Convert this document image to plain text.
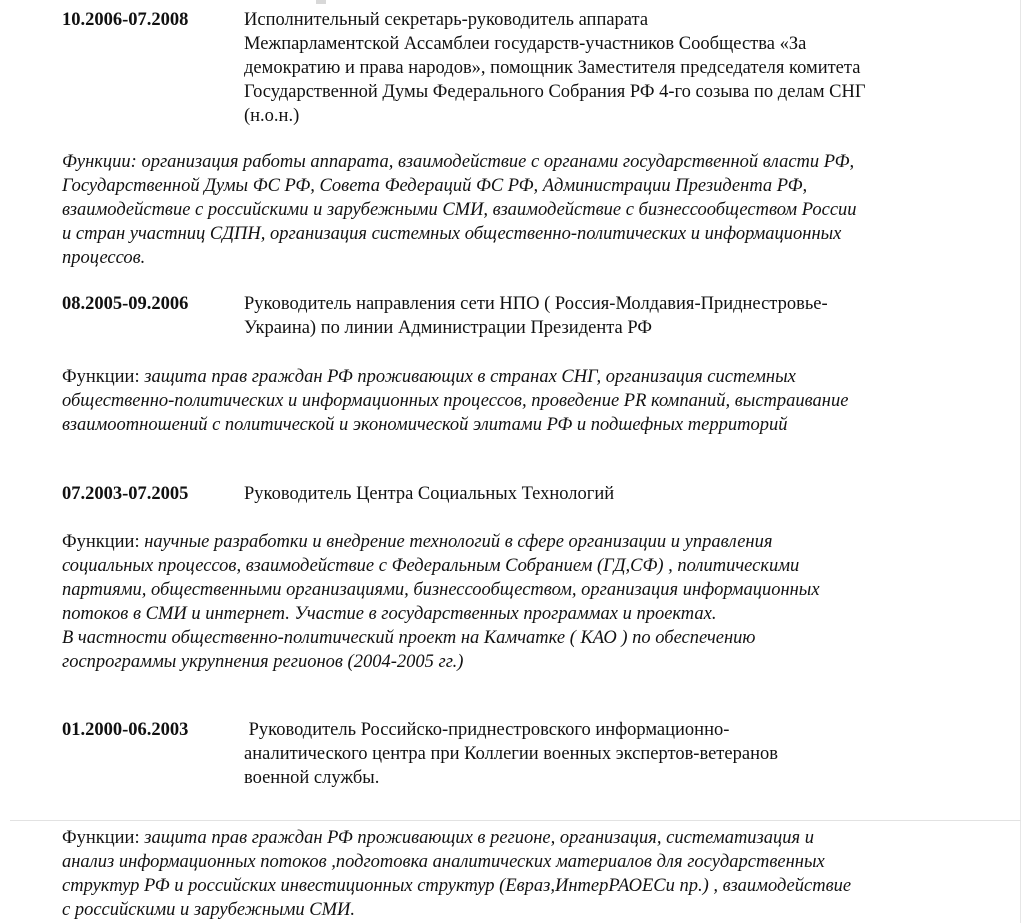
10.2006-07.2008	Исполнительный секретарь-руководитель аппарата
Межпарламентской Ассамблеи государств-участников Сообщества «За
демократию и права народов», помощник Заместителя председателя комитета
Государственной Думы Федерального Собрания РФ 4-го созыва по делам СНГ
(н.о.н.)
Функции: организация работы аппарата, взаимодействие с органами государственной власти РФ,
Государственной Думы ФС РФ, Совета Федераций ФС РФ, Администрации Президента РФ,
взаимодействие с российскими и зарубежными СМИ, взаимодействие с бизнессообществом России
и стран участниц СДПН, организация системных общественно-политических и информационных
процессов.
08.2005-09.2006	Руководитель направления сети НПО ( Россия-Молдавия-Приднестровье-
Украина) по линии Администрации Президента РФ
Функции: защита прав граждан РФ проживающих в странах СНГ, организация системных
общественно-политических и информационных процессов, проведение PR компаний, выстраивание
взаимоотношений с политической и экономической элитами РФ и подшефных территорий
07.2003-07.2005	Руководитель Центра Социальных Технологий
Функции: научные разработки и внедрение технологий в сфере организации и управления
социальных процессов, взаимодействие с Федеральным Собранием (ГД,СФ) , политическими
партиями, общественными организациями, бизнессообществом, организация информационных
потоков в СМИ и интернет. Участие в государственных программах и проектах.
В частности общественно-политический проект на Камчатке ( КАО ) по обеспечению
госпрограммы укрупнения регионов (2004-2005 гг.)
01.2000-06.2003	Руководитель Российско-приднестровского информационно-
аналитического центра при Коллегии военных экспертов-ветеранов
военной службы.
Функции: защита прав граждан РФ проживающих в регионе, организация, систематизация и
анализ информационных потоков ,подготовка аналитических материалов для государственных
структур РФ и российских инвестиционных структур (Евраз,ИнтерРАОЕСи пр.) , взаимодействие
с российскими и зарубежными СМИ.
